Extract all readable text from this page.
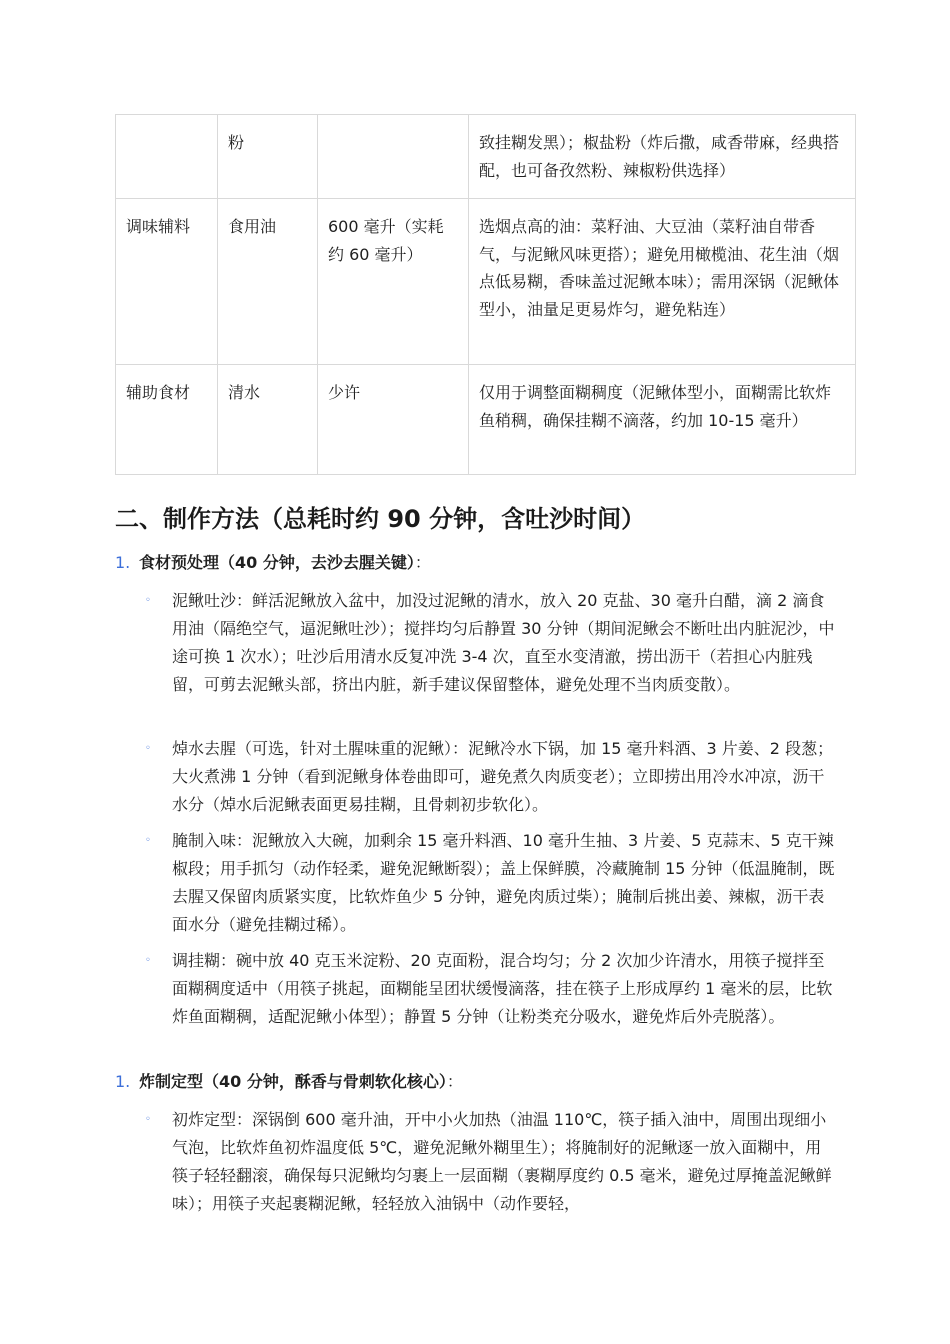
	粉		致挂糊发黑）；椒盐粉（炸后撒，咸香带麻，经典搭配，也可备孜然粉、辣椒粉供选择）
调味辅料	食用油	600 毫升（实耗约 60 毫升）	选烟点高的油：菜籽油、大豆油（菜籽油自带香气，与泥鳅风味更搭）；避免用橄榄油、花生油（烟点低易糊，香味盖过泥鳅本味）；需用深锅（泥鳅体型小，油量足更易炸匀，避免粘连）
辅助食材	清水	少许	仅用于调整面糊稠度（泥鳅体型小，面糊需比软炸鱼稍稠，确保挂糊不滴落，约加 10-15 毫升）
二、制作方法（总耗时约 90 分钟，含吐沙时间）
1. 食材预处理（40 分钟，去沙去腥关键）：
◦ 泥鳅吐沙：鲜活泥鳅放入盆中，加没过泥鳅的清水，放入 20 克盐、30 毫升白醋，滴 2 滴食用油（隔绝空气，逼泥鳅吐沙）；搅拌均匀后静置 30 分钟（期间泥鳅会不断吐出内脏泥沙，中途可换 1 次水）；吐沙后用清水反复冲洗 3-4 次，直至水变清澈，捞出沥干（若担心内脏残留，可剪去泥鳅头部，挤出内脏，新手建议保留整体，避免处理不当肉质变散）。
◦ 焯水去腥（可选，针对土腥味重的泥鳅）：泥鳅冷水下锅，加 15 毫升料酒、3 片姜、2 段葱；大火煮沸 1 分钟（看到泥鳅身体卷曲即可，避免煮久肉质变老）；立即捞出用冷水冲凉，沥干水分（焯水后泥鳅表面更易挂糊，且骨刺初步软化）。
◦ 腌制入味：泥鳅放入大碗，加剩余 15 毫升料酒、10 毫升生抽、3 片姜、5 克蒜末、5 克干辣椒段；用手抓匀（动作轻柔，避免泥鳅断裂）；盖上保鲜膜，冷藏腌制 15 分钟（低温腌制，既去腥又保留肉质紧实度，比软炸鱼少 5 分钟，避免肉质过柴）；腌制后挑出姜、辣椒，沥干表面水分（避免挂糊过稀）。
◦ 调挂糊：碗中放 40 克玉米淀粉、20 克面粉，混合均匀；分 2 次加少许清水，用筷子搅拌至面糊稠度适中（用筷子挑起，面糊能呈团状缓慢滴落，挂在筷子上形成厚约 1 毫米的层，比软炸鱼面糊稠，适配泥鳅小体型）；静置 5 分钟（让粉类充分吸水，避免炸后外壳脱落）。
1. 炸制定型（40 分钟，酥香与骨刺软化核心）：
◦ 初炸定型：深锅倒 600 毫升油，开中小火加热（油温 110℃，筷子插入油中，周围出现细小气泡，比软炸鱼初炸温度低 5℃，避免泥鳅外糊里生）；将腌制好的泥鳅逐一放入面糊中，用筷子轻轻翻滚，确保每只泥鳅均匀裹上一层面糊（裹糊厚度约 0.5 毫米，避免过厚掩盖泥鳅鲜味）；用筷子夹起裹糊泥鳅，轻轻放入油锅中（动作要轻，
